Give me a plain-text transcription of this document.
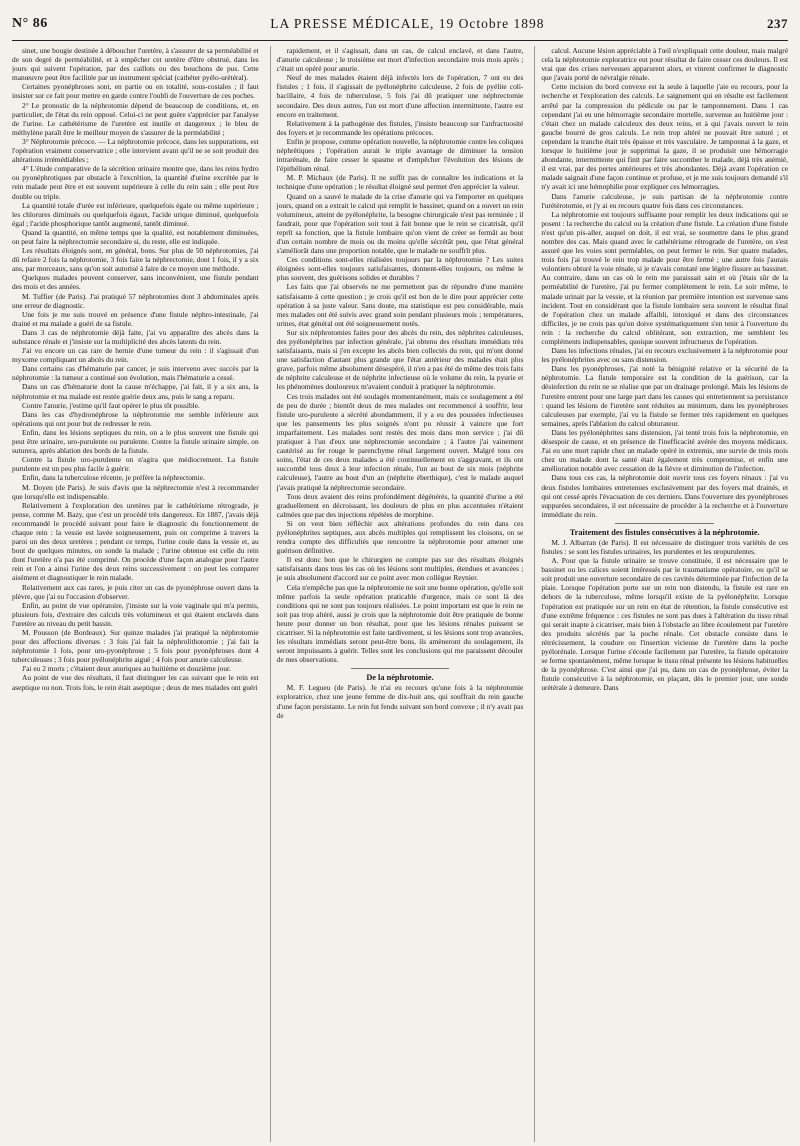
N° 86	LA PRESSE MÉDICALE, 19 Octobre 1898	237

sinet, une bougie destinée à déboucher l'uretère, à s'assurer de sa perméabilité et de son degré de perméabilité, et à empêcher cet uretère d'être obstrué, dans les jours qui suivent l'opération, par des caillots ou des bouchons de pus. Cette manœuvre peut être facilitée par un instrument spécial (cathéter pyélo-urétéral).

Certaines pyonéphroses sont, en partie ou en totalité, sous-costales ; il faut insister sur ce fait pour mettre en garde contre l'oubli de l'ouverture de ces poches.

2° Le pronostic de la néphrotomie dépend de beaucoup de conditions, et, en particulier, de l'état du rein opposé. Celui-ci ne peut guère s'apprécier par l'analyse de l'urine. Le cathétérisme de l'uretère est inutile et dangereux ; le bleu de méthylène paraît être le meilleur moyen de s'assurer de la perméabilité ;

3° Néphrotomie précoce. — La néphrotomie précoce, dans les suppurations, est l'opération vraiment conservatrice ; elle intervient avant qu'il ne se soit produit des altérations irrémédiables ;

4° L'étude comparative de la sécrétion urinaire montre que, dans les reins hydro ou pyonéphrotiques par obstacle à l'excrétion, la quantité d'urine excrétée par le rein malade peut être et est souvent supérieure à celle du rein sain ; elle peut être double ou triple.

La quantité totale d'urée est inférieure, quelquefois égale ou même supérieure ; les chlorures diminués ou quelquefois égaux, l'acide urique diminué, quelquefois égal ; l'acide phosphorique tantôt augmenté, tantôt diminué.

Quand la quantité, en même temps que la qualité, est notablement diminuées, on peut faire la néphrectomie secondaire si, du reste, elle est indiquée.

Les résultats éloignés sont, en général, bons. Sur plus de 50 néphrotomies, j'ai dû refaire 2 fois la néphrotomie, 3 fois faire la néphrectomie, dont 1 fois, il y a six ans, par morceaux, sans qu'on soit autorisé à faire de ce moyen une méthode.

Quelques malades peuvent conserver, sans inconvénient, une fistule pendant des mois et des années.

M. Tuffier (de Paris). J'ai pratiqué 57 néphrotomies dont 3 abdominales après une erreur de diagnostic.

Une fois je me suis trouvé en présence d'une fistule néphro-intestinale, j'ai drainé et ma malade a guéri de sa fistule.

Dans 3 cas de néphrotomie déjà faite, j'ai vu apparaître des abcès dans la substance rénale et j'insiste sur la multiplicité des abcès latents du rein.

J'ai vu encore un cas rare de hernie d'une tumeur du rein : il s'agissait d'un myxome compliquant un abcès du rein.

Dans certains cas d'hématurie par cancer, je suis intervenu avec succès par la néphrotomie : la tumeur a continué son évolution, mais l'hématurie a cessé.

Dans un cas d'hématurie dont la cause m'échappe, j'ai fait, il y a six ans, la néphrotomie et ma malade est restée guérie deux ans, puis le sang a reparu.

Contre l'anurie, j'estime qu'il faut opérer le plus tôt possible.

Dans les cas d'hydronéphrose la néphrotomie me semble inférieure aux opérations qui ont pour but de redresser le rein.

Enfin, dans les lésions septiques du rein, on a le plus souvent une fistule qui peut être urinaire, uro-purulente ou purulente. Contre la fistule urinaire simple, on suturera, après ablation des bords de la fistule.

Contre la fistule uro-purulente on n'agira que médiocrement. La fistule purulente est un peu plus facile à guérir.

Enfin, dans la tuberculose récente, je préfère la néphrectomie.

M. Doyen (de Paris). Je suis d'avis que la néphrectomie n'est à recommander que lorsqu'elle est indispensable.

Relativement à l'exploration des uretères par le cathétérisme rétrograde, je pense, comme M. Bazy, que c'est un procédé très dangereux. En 1887, j'avais déjà recommandé le procédé suivant pour faire le diagnostic du fonctionnement de chaque rein : la vessie est lavée soigneusement, puis on comprime à travers la paroi un des deux uretères ; pendant ce temps, l'urine coule dans la vessie et, au bout de quelques minutes, on sonde la malade ; l'urine obtenue est celle du rein dont l'uretère n'a pas été comprimé. On procède d'une façon analogue pour l'autre rein et l'on a ainsi l'urine des deux reins successivement : on peut les comparer aisément et diagnostiquer le rein malade.

Relativement aux cas rares, je puis citer un cas de pyonéphrose ouvert dans la plèvre, que j'ai eu l'occasion d'observer.

Enfin, au point de vue opératoire, j'insiste sur la voie vaginale qui m'a permis, plusieurs fois, d'extraire des calculs très volumineux et qui étaient enclavés dans l'uretère au niveau du petit bassin.

M. Pousson (de Bordeaux). Sur quinze malades j'ai pratiqué la néphrotomie pour des affections diverses : 3 fois j'ai fait la néphrolithotomie ; j'ai fait la néphrotomie 1 fois, pour uro-pyonéphrose ; 5 fois pour pyonéphroses dont 4 tuberculeuses ; 3 fois pour pyélonéphrite aiguë ; 4 fois pour anurie calculeuse.

J'ai eu 2 morts ; c'étaient deux anuriques au huitième et douzième jour.

Au point de vue des résultats, il faut distinguer les cas suivant que le rein est aseptique ou non. Trois fois, le rein était aseptique ; deux de mes malades ont guéri

rapidement, et il s'agissait, dans un cas, de calcul enclavé, et dans l'autre, d'anurie calculeuse ; le troisième est mort d'infection secondaire trois mois après ; c'était un opéré pour anurie.

Neuf de mes malades étaient déjà infectés lors de l'opération, 7 ont eu des fistules ; 1 fois, il s'agissait de pyélonéphrite calculeuse, 2 fois de pyélite coli-bacillaire, 4 fois de tuberculose, 5 fois j'ai dû pratiquer une néphrectomie secondaire. Des deux autres, l'un est mort d'une affection intermittente, l'autre est encore en traitement.

Relativement à la pathogénie des fistules, j'insiste beaucoup sur l'anfractuosité des foyers et je recommande les opérations précoces.

Enfin je propose, comme opération nouvelle, la néphrotomie contre les coliques néphrétiques ; l'opération aurait le triple avantage de diminuer la tension intrarénale, de faire cesser le spasme et d'empêcher l'évolution des lésions de l'épithélium rénal.

M. P. Michaux (de Paris). Il ne suffit pas de connaître les indications et la technique d'une opération ; le résultat éloigné seul permet d'en apprécier la valeur.

Quand on a sauvé le malade de la crise d'anurie qui va l'emporter en quelques jours, quand on a extrait le calcul qui remplit le bassinet, quand on a ouvert un rein volumineux, atteint de pyélonéphrite, la besogne chirurgicale n'est pas terminée ; il faudrait, pour que l'opération soit tout à fait bonne que le rein se cicatrisât, qu'il reprît sa fonction, que la fistule lombaire qu'on vient de créer se fermât au bout d'un certain nombre de mois ou du moins qu'elle sécrétât peu, que l'état général s'améliorât dans une proportion notable, que le malade ne souffrît plus.

Ces conditions sont-elles réalisées toujours par la néphrotomie ? Les suites éloignées sont-elles toujours satisfaisantes, donnent-elles toujours, ou même le plus souvent, des guérisons solides et durables ?

Les faits que j'ai observés ne me permettent pas de répondre d'une manière satisfaisante à cette question ; je crois qu'il est bon de le dire pour apprécier cette opération à sa juste valeur. Sans doute, ma statistique est peu considérable, mais mes malades ont été suivis avec grand soin pendant plusieurs mois ; températures, urines, état général ont été soigneusement notés.

Sur six néphrotomies faites pour des abcès du rein, des néphrites calculeuses, des pyélonéphrites par infection générale, j'ai obtenu des résultats immédiats très satisfaisants, mais si j'en excepte les abcès bien collectés du rein, qui m'ont donné une satisfaction d'autant plus grande que l'état antérieur des malades était plus grave, parfois même absolument désespéré, il n'en a pas été de même des trois faits de néphrite calculeuse et de néphrite infectieuse où le volume du rein, la pyurie et les phénomènes douloureux m'avaient conduit à pratiquer la néphrotomie.

Ces trois malades ont été soulagés momentanément, mais ce soulagement a été de peu de durée ; bientôt deux de mes malades ont recommencé à souffrir, leur fistule uro-purulente a sécrété abondamment, il y a eu des poussées infectieuses que les pansements les plus soignés n'ont pu réussir à vaincre que fort imparfaitement. Les malades sont restés des mois dans mon service ; j'ai dû pratiquer à l'un d'eux une néphrectomie secondaire ; à l'autre j'ai vainement cautérisé au fer rouge le parenchyme rénal largement ouvert. Malgré tous ces soins, l'état de ces deux malades a été continuellement en s'aggravant, et ils ont succombé tous deux à leur infection rénale, l'un au bout de six mois (néphrite calculeuse), l'autre au bout d'un an (néphrite éberthique), c'est le malade auquel j'avais pratiqué la néphrectomie secondaire.

Tous deux avaient des reins profondément dégénérés, la quantité d'urine a été graduellement en décroissant, les douleurs de plus en plus accentuées n'étaient calmées que par des injections répétées de morphine.

Si on veut bien réfléchir aux altérations profondes du rein dans ces pyélonéphrites septiques, aux abcès multiples qui remplissent les cloisons, on se rendra compte des difficultés que rencontre la néphrotomie pour amener une guérison définitive.

Il est donc bon que le chirurgien ne compte pas sur des résultats éloignés satisfaisants dans tous les cas où les lésions sont multiples, étendues et avancées ; je suis absolument d'accord sur ce point avec mon collègue Reynier.

Cela n'empêche pas que la néphrotomie ne soit une bonne opération, qu'elle soit même parfois la seule opération praticable d'urgence, mais ce sont là des conditions qui ne sont pas toujours réalisées. Le point important est que le rein ne soit pas trop altéré, aussi je crois que la néphrotomie doit être pratiquée de bonne heure pour donner un bon résultat, pour que les lésions rénales puissent se cicatriser. Si la néphrotomie est faite tardivement, si les lésions sont trop avancées, les résultats immédiats seront peut-être bons, ils amèneront du soulagement, ils seront impuissants à guérir. Telles sont les conclusions qui me paraissent découler de mes observations.

De la néphrotomie.

M. F. Legueu (de Paris). Je n'ai eu recours qu'une fois à la néphrotomie exploratrice, chez une jeune femme de dix-huit ans, qui souffrait du rein gauche d'une façon persistante. Le rein fut fendu suivant son bord convexe ; il n'y avait pas de

calcul. Aucune lésion appréciable à l'œil n'expliquait cette douleur, mais malgré cela la néphrotomie exploratrice eut pour résultat de faire cesser ces douleurs. Il est vrai que des crises nerveuses apparurent alors, et vinrent confirmer le diagnostic que j'avais porté de névralgie rénale.

Cette incision du bord convexe est la seule à laquelle j'aie eu recours, pour la recherche et l'exploration des calculs. Le saignement qui en résulte est facilement arrêté par la compression du pédicule ou par le tamponnement. Dans 1 cas cependant j'ai eu une hémorragie secondaire mortelle, survenue au huitième jour : c'était chez un malade calculeux des deux reins, et à qui j'avais ouvert le rein gauche bourré de gros calculs. Le rein trop altéré ne pouvait être suturé ; et cependant la tranche était très épaisse et très vasculaire. Je tamponnai à la gaze, et lorsque le huitième jour je supprimai la gaze, il se produisit une hémorragie abondante, intermittente qui finit par faire succomber le malade, déjà très anémié, il est vrai, par des pertes antérieures et très abondantes. Déjà avant l'opération ce malade saignait d'une façon continue et profuse, et je me suis toujours demandé s'il n'y avait ici une hémophilie pour expliquer ces hémorragies.

Dans l'anurie calculeuse, je suis partisan de la néphrotomie contre l'urétérotomie, et j'y ai eu recours quatre fois dans ces circonstances.

La néphrotomie est toujours suffisante pour remplir les deux indications qui se posent : la recherche du calcul ou la création d'une fistule. La création d'une fistule n'est qu'un pis-aller, auquel on doit, il est vrai, se soumettre dans le plus grand nombre des cas. Mais quand avec le cathétérisme rétrograde de l'uretère, on s'est assuré que les voies sont perméables, on peut fermer le rein. Sur quatre malades, trois fois j'ai trouvé le rein trop malade pour être fermé ; une autre fois j'aurais volontiers obturé la voie rénale, si je n'avais constaté une légère fissure au bassinet. Au contraire, dans un cas où le rein me paraissait sain et où j'étais sûr de la perméabilité de l'uretère, j'ai pu fermer complètement le rein. Le soir même, le malade urinait par la vessie, et la réunion par première intention est survenue sans incident. Tout en considérant que la fistule lombaire sera souvent le résultat final de l'opération chez un malade affaibli, intoxiqué et dans des circonstances difficiles, je ne crois pas qu'on doive systématiquement s'en tenir à l'ouverture du rein : la recherche du calcul oblitérant, son extraction, me semblent les compléments indispensables, quoique souvent infructueux de l'opération.

Dans les infections rénales, j'ai eu recours exclusivement à la néphrotomie pour les pyélonéphrites avec ou sans distension.

Dans les pyonéphroses, j'ai noté la bénignité relative et la sécurité de la néphrotomie. La fistule temporaire est la condition de la guérison, car la désinfection du rein ne se réalise que par un drainage prolongé. Mais les lésions de l'uretère entrent pour une large part dans les causes qui entretiennent sa persistance : quand les lésions de l'uretère sont réduites au minimum, dans les pyonéphroses calculeuses par exemple, j'ai vu la fistule se fermer très rapidement en quelques semaines, après l'ablation du calcul obturateur.

Dans les pyélonéphrites sans distension, j'ai tenté trois fois la néphrotomie, en désespoir de cause, et en présence de l'inefficacité avérée des moyens médicaux. J'ai eu une mort rapide chez un malade opéré in extremis, une survie de trois mois chez un malade dont la santé était également très compromise, et enfin une amélioration notable avec cessation de la fièvre et diminution de l'infection.

Dans tous ces cas, la néphrotomie doit ouvrir tous ces foyers rénaux : j'ai vu deux fistules lombaires entretenues exclusivement par des foyers mal drainés, et qui ont cessé après l'évacuation de ces derniers. Dans l'ouverture des pyonéphroses suppurées secondaires, il est nécessaire de procéder à la recherche et à l'ouverture immédiate du rein.

Traitement des fistules consécutives à la néphrotomie.

M. J. Albarran (de Paris). Il est nécessaire de distinguer trois variétés de ces fistules : se sont les fistules urinaires, les purulentes et les uropurulentes.

A. Pour que la fistule urinaire se trouve constituée, il est nécessaire que le bassinet ou les calices soient intéressés par le traumatisme opératoire, ou qu'il se soit produit une ouverture secondaire de ces cavités déterminée par l'infection de la plaie. Lorsque l'opération porte sur un rein non distendu, la fistule est rare en dehors de la tuberculose, même lorsqu'il existe de la pyélonéphrite. Lorsque l'opération est pratiquée sur un rein en état de rétention, la fistule consécutive est d'une extrême fréquence : ces fistules ne sont pas dues à l'altération du tissu rénal qui serait inapte à cicatriser, mais bien à l'obstacle au libre écoulement par l'uretère des produits sécrétés par la poche rénale. Cet obstacle consiste dans le rétrécissement, la coudure ou l'insertion vicieuse de l'uretère dans la poche pyélorénale. Lorsque l'urine s'écoule facilement par l'uretère, la fistule opératoire se ferme spontanément, même lorsque le tissu rénal présente les lésions habituelles de la pyonéphrose. C'est ainsi que j'ai pu, dans un cas de pyonéphrose, éviter la fistule consécutive à la néphrotomie, en plaçant, dès le premier jour, une sonde urétérale à demeure. Dans
